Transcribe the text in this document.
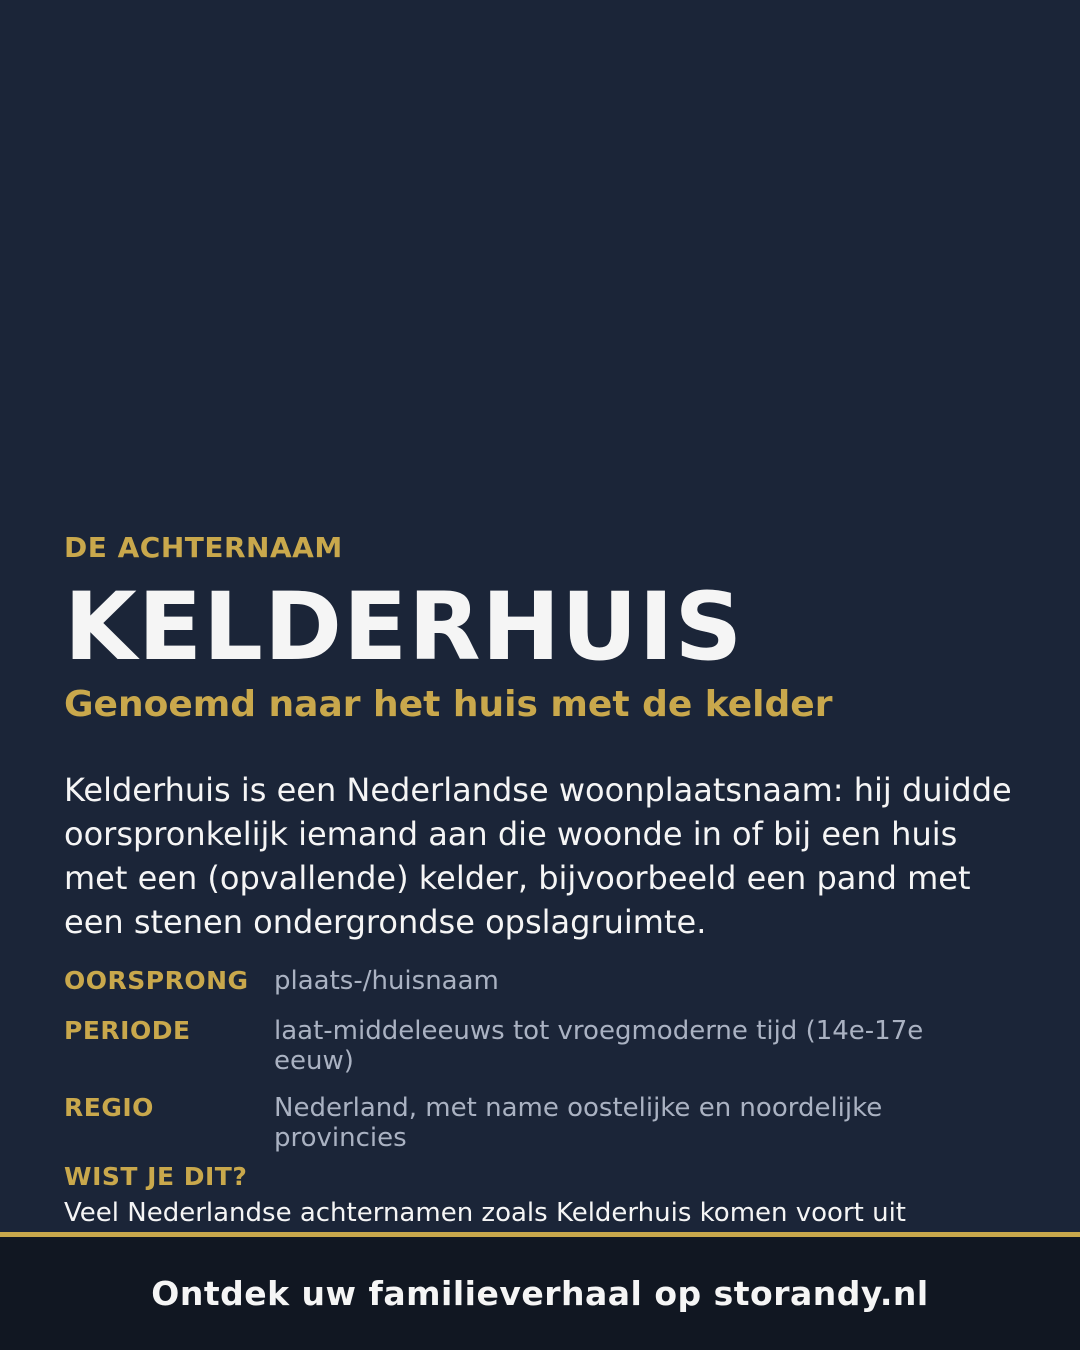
DE ACHTERNAAM

KELDERHUIS

Genoemd naar het huis met de kelder

Kelderhuis is een Nederlandse woonplaatsnaam: hij duidde oorspronkelijk iemand aan die woonde in of bij een huis met een (opvallende) kelder, bijvoorbeeld een pand met een stenen ondergrondse opslagruimte.

OORSPRONG plaats-/huisnaam
PERIODE	laat-middeleeuws tot vroegmoderne tijd (14e-17e eeuw)
REGIO	Nederland, met name oostelijke en noordelijke provincies

WIST JE DIT?

Veel Nederlandse achternamen zoals Kelderhuis komen voort uit

Ontdek uw familieverhaal op storandy.nl
